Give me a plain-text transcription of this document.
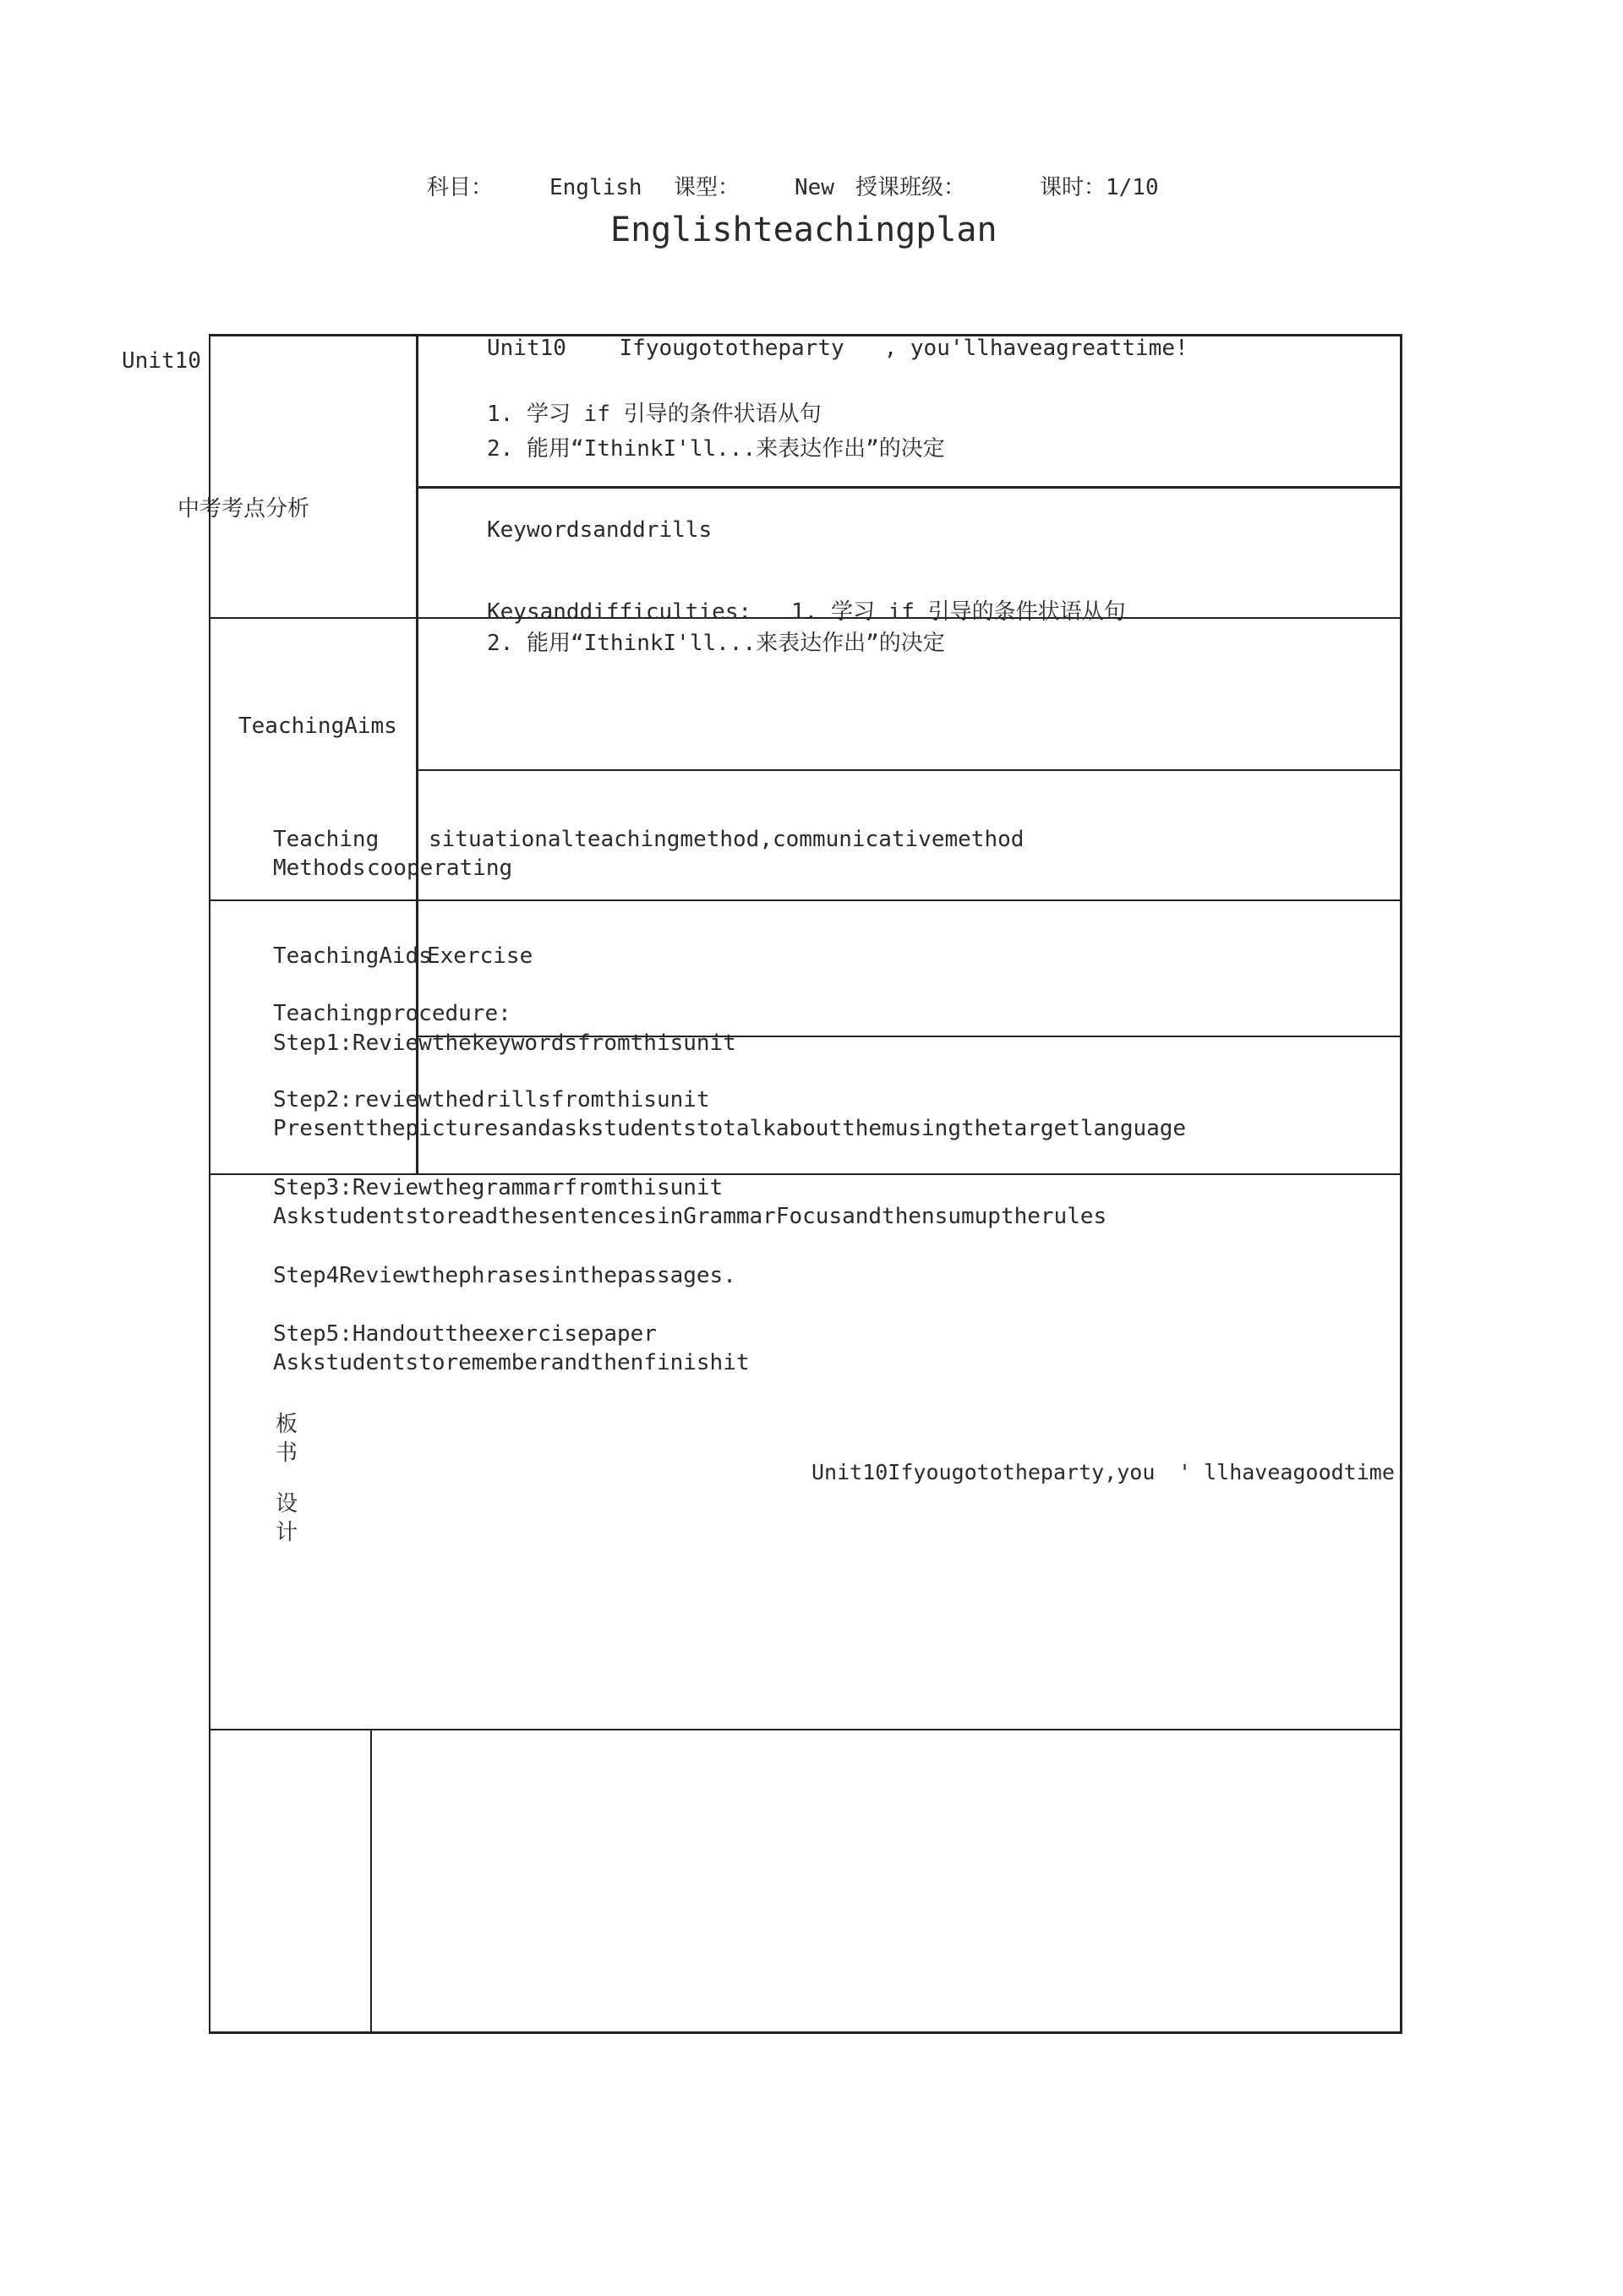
科目：	English 课型： New 授课班级：	课时：1/10
Englishteachingplan
Unit10
中考考点分析
TeachingAims
Teaching
Methods
TeachingAids
板
书
设
计
Unit10    Ifyougototheparty   , you'llhaveagreattime!
1. 学习 if 引导的条件状语从句
2. 能用“IthinkI'll...来表达作出”的决定
Keywordsanddrills
Keysanddifficulties: 1. 学习 if 引导的条件状语从句
2. 能用“IthinkI'll...来表达作出”的决定
situationalteachingmethod,communicativemethod
cooperating
Exercise
Teachingprocedure:
Step1:Reviewthekeywordsfromthisunit
Step2:reviewthedrillsfromthisunit
Presentthepicturesandaskstudentstotalkaboutthemusingthetargetlanguage
Step3:Reviewthegrammarfromthisunit
AskstudentstoreadthesentencesinGrammarFocusandthensumuptherules
Step4Reviewthephrasesinthepassages.
Step5:Handouttheexercisepaper
Askstudentstorememberandthenfinishit
Unit10Ifyougototheparty,you ' llhaveagoodtime.
